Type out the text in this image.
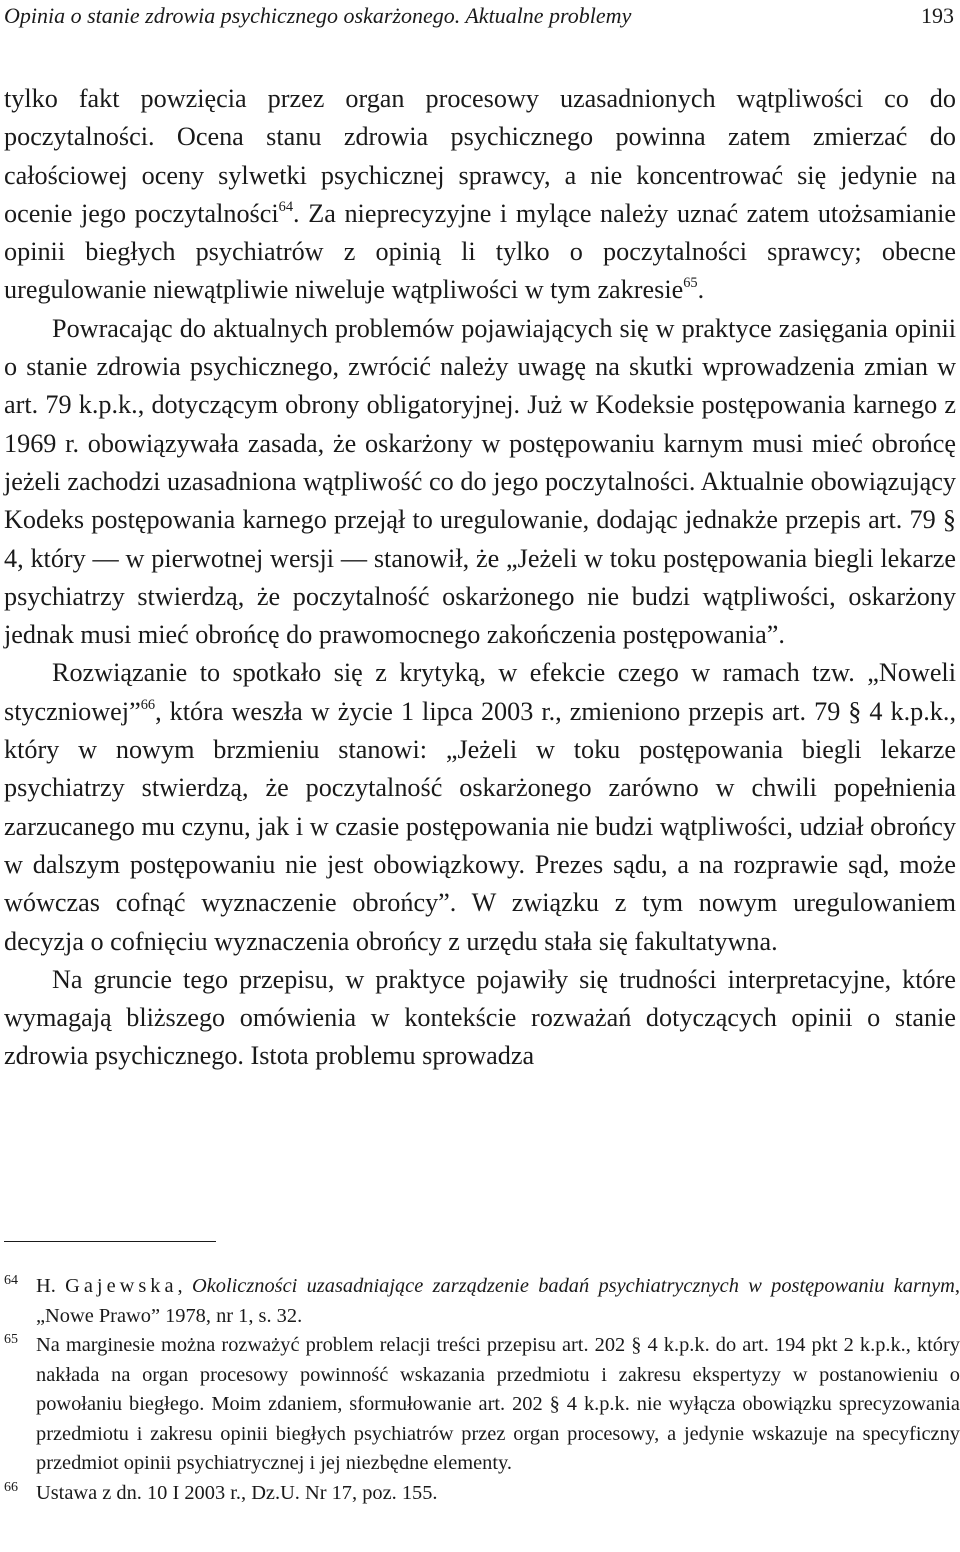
Opinia o stanie zdrowia psychicznego oskarżonego. Aktualne problemy	193

tylko fakt powzięcia przez organ procesowy uzasadnionych wątpliwości co do poczytalności. Ocena stanu zdrowia psychicznego powinna zatem zmierzać do całościowej oceny sylwetki psychicznej sprawcy, a nie koncentrować się jedynie na ocenie jego poczytalności$^{64}$. Za nieprecyzyjne i mylące należy uznać zatem utożsamianie opinii biegłych psychiatrów z opinią li tylko o poczytalności sprawcy; obecne uregulowanie niewątpliwie niweluje wątpliwości w tym zakresie$^{65}$.

Powracając do aktualnych problemów pojawiających się w praktyce zasięgania opinii o stanie zdrowia psychicznego, zwrócić należy uwagę na skutki wprowadzenia zmian w art. 79 k.p.k., dotyczącym obrony obligatoryjnej. Już w Kodeksie postępowania karnego z 1969 r. obowiązywała zasada, że oskarżony w postępowaniu karnym musi mieć obrońcę jeżeli zachodzi uzasadniona wątpliwość co do jego poczytalności. Aktualnie obowiązujący Kodeks postępowania karnego przejął to uregulowanie, dodając jednakże przepis art. 79 § 4, który — w pierwotnej wersji — stanowił, że „Jeżeli w toku postępowania biegli lekarze psychiatrzy stwierdzą, że poczytalność oskarżonego nie budzi wątpliwości, oskarżony jednak musi mieć obrońcę do prawomocnego zakończenia postępowania”.

Rozwiązanie to spotkało się z krytyką, w efekcie czego w ramach tzw. „Noweli styczniowej”$^{66}$, która weszła w życie 1 lipca 2003 r., zmieniono przepis art. 79 § 4 k.p.k., który w nowym brzmieniu stanowi: „Jeżeli w toku postępowania biegli lekarze psychiatrzy stwierdzą, że poczytalność oskarżonego zarówno w chwili popełnienia zarzucanego mu czynu, jak i w czasie postępowania nie budzi wątpliwości, udział obrońcy w dalszym postępowaniu nie jest obowiązkowy. Prezes sądu, a na rozprawie sąd, może wówczas cofnąć wyznaczenie obrońcy”. W związku z tym nowym uregulowaniem decyzja o cofnięciu wyznaczenia obrońcy z urzędu stała się fakultatywna.

Na gruncie tego przepisu, w praktyce pojawiły się trudności interpretacyjne, które wymagają bliższego omówienia w kontekście rozważań dotyczących opinii o stanie zdrowia psychicznego. Istota problemu sprowadza

64 H. Gajewska, Okoliczności uzasadniające zarządzenie badań psychiatrycznych w postępowaniu karnym, „Nowe Prawo” 1978, nr 1, s. 32.

65 Na marginesie można rozważyć problem relacji treści przepisu art. 202 § 4 k.p.k. do art. 194 pkt 2 k.p.k., który nakłada na organ procesowy powinność wskazania przedmiotu i zakresu ekspertyzy w postanowieniu o powołaniu biegłego. Moim zdaniem, sformułowanie art. 202 § 4 k.p.k. nie wyłącza obowiązku sprecyzowania przedmiotu i zakresu opinii biegłych psychiatrów przez organ procesowy, a jedynie wskazuje na specyficzny przedmiot opinii psychiatrycznej i jej niezbędne elementy.

66 Ustawa z dn. 10 I 2003 r., Dz.U. Nr 17, poz. 155.
